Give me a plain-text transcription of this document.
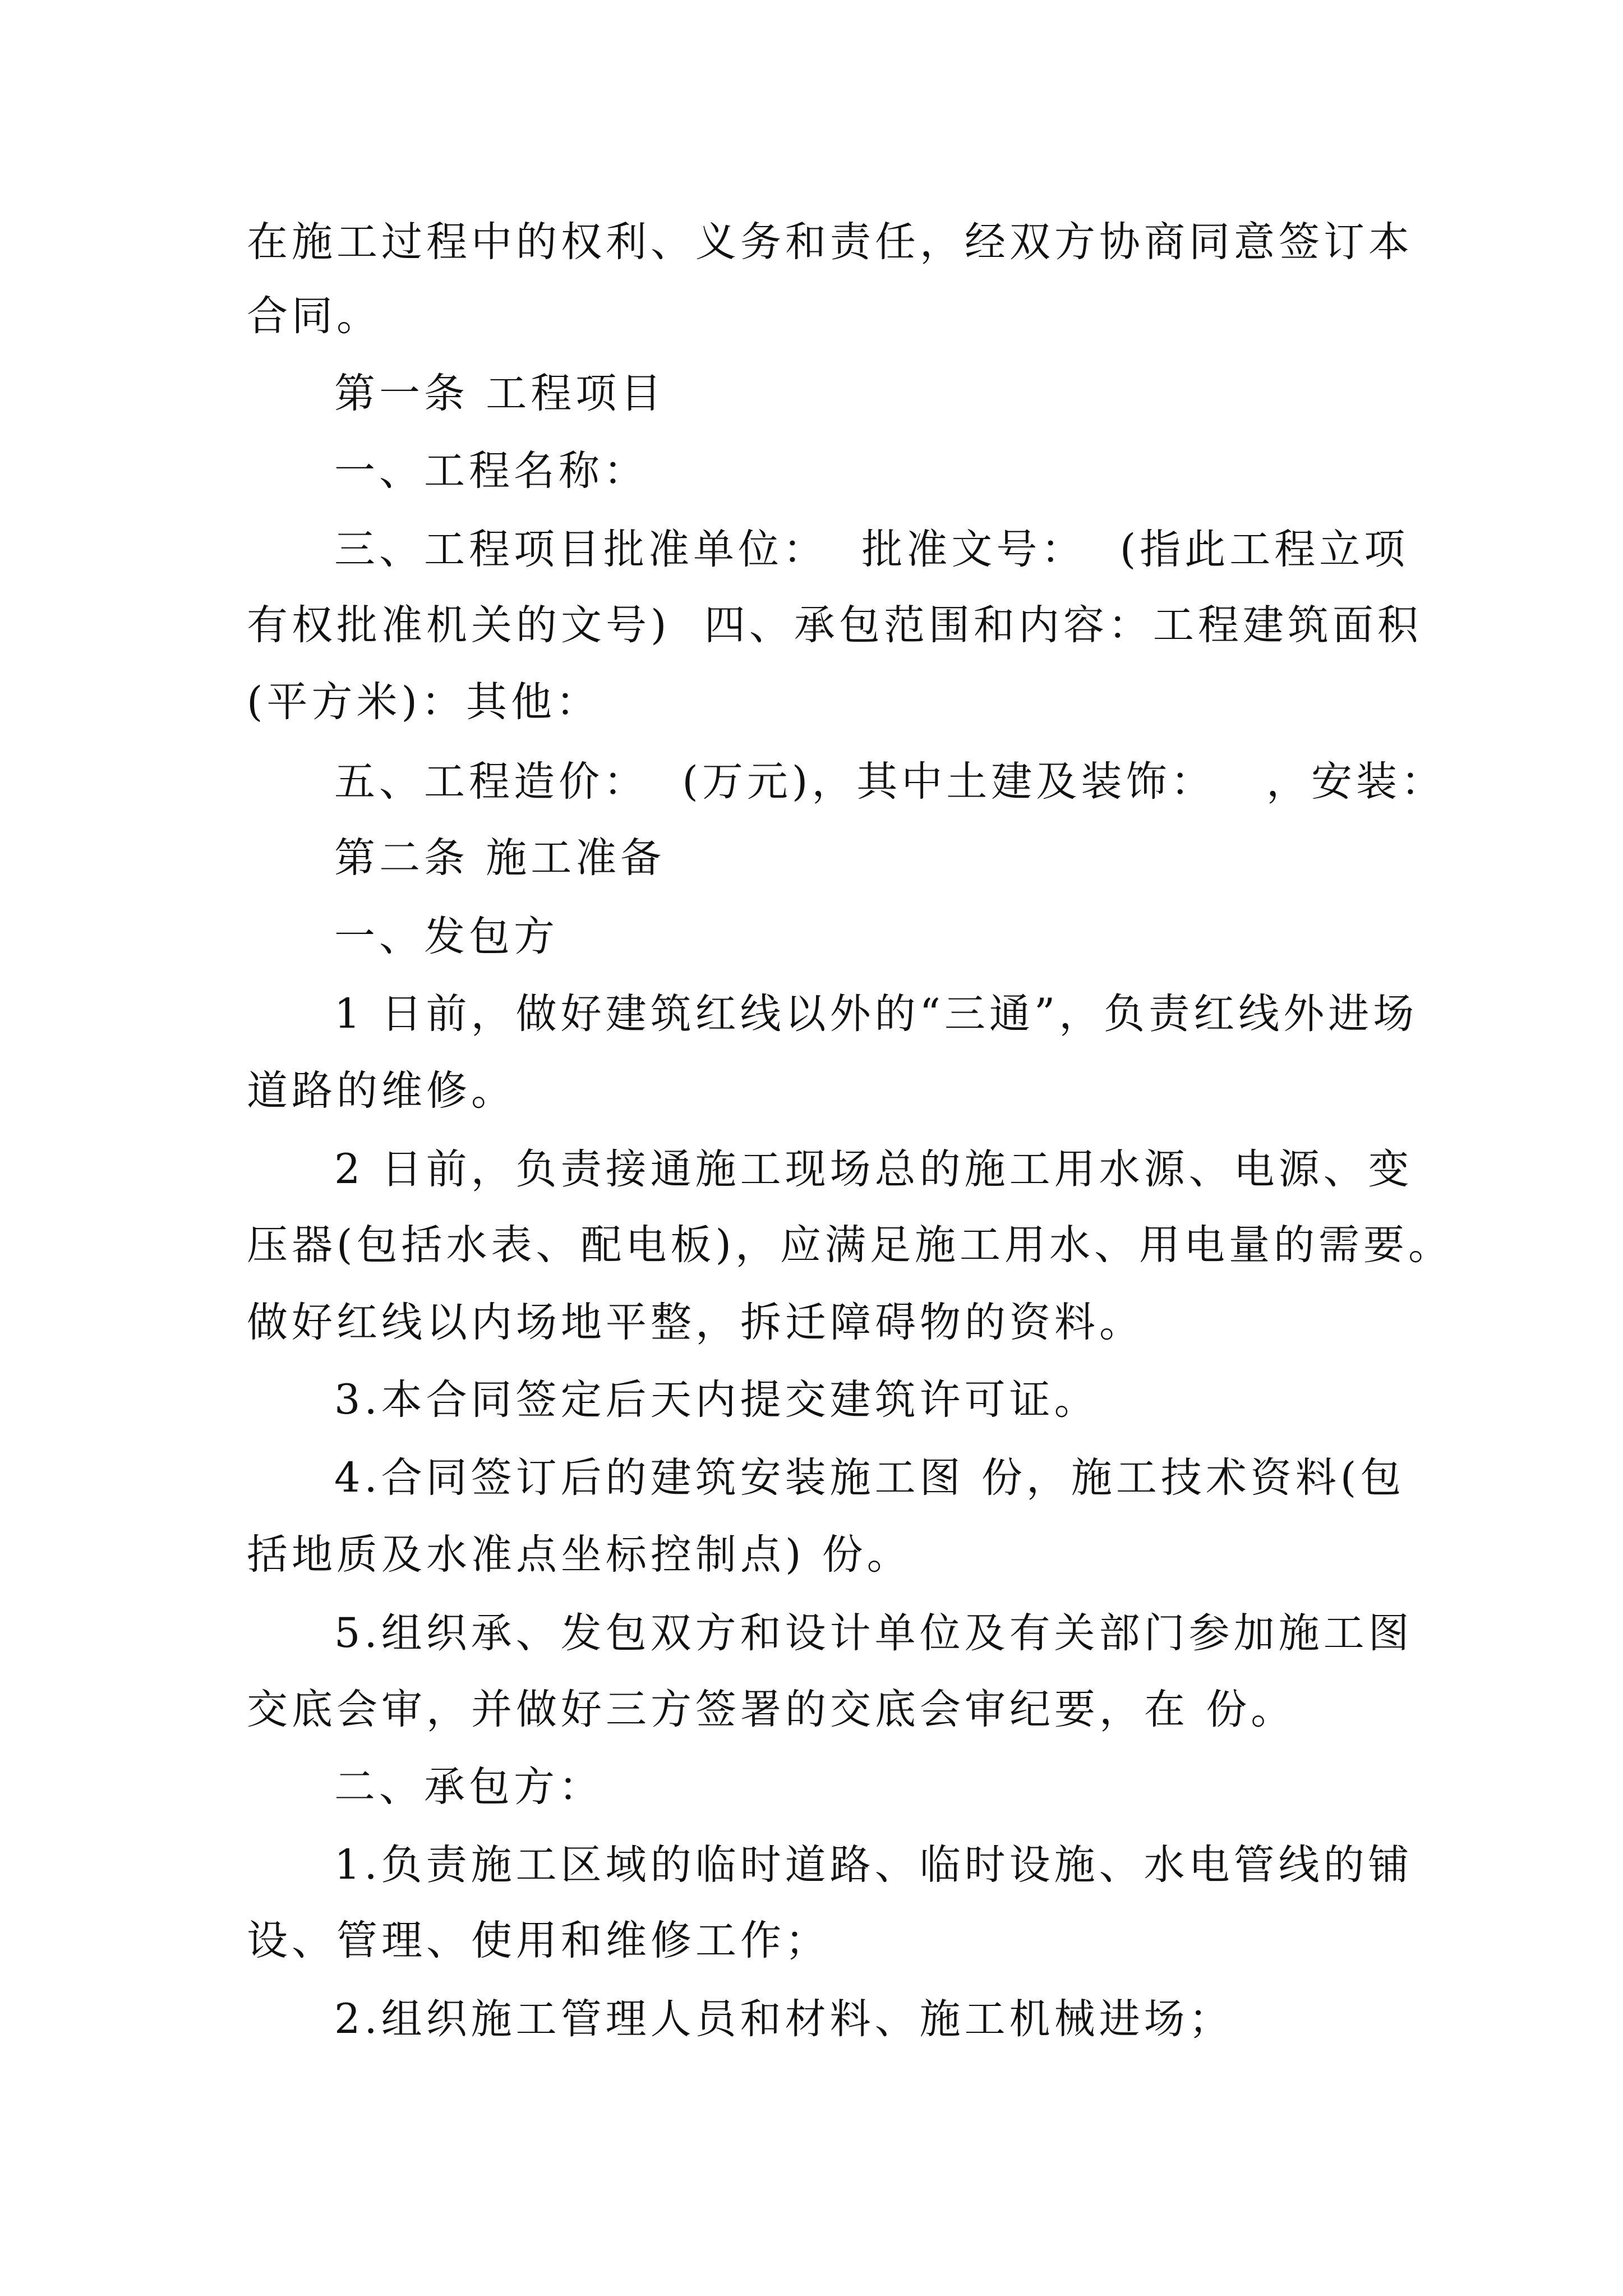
在施工过程中的权利、义务和责任，经双方协商同意签订本
合同。
第一条 工程项目
一、工程名称：
三、工程项目批准单位：  批准文号：  (指此工程立项
有权批准机关的文号)  四、承包范围和内容：工程建筑面积
(平方米)：其他：
五、工程造价：  (万元)，其中土建及装饰：   ，安装：
第二条 施工准备
一、发包方
1 日前，做好建筑红线以外的“三通”，负责红线外进场
道路的维修。
2 日前，负责接通施工现场总的施工用水源、电源、变
压器(包括水表、配电板)，应满足施工用水、用电量的需要。
做好红线以内场地平整，拆迁障碍物的资料。
3.本合同签定后天内提交建筑许可证。
4.合同签订后的建筑安装施工图 份，施工技术资料(包
括地质及水准点坐标控制点) 份。
5.组织承、发包双方和设计单位及有关部门参加施工图
交底会审，并做好三方签署的交底会审纪要，在 份。
二、承包方：
1.负责施工区域的临时道路、临时设施、水电管线的铺
设、管理、使用和维修工作；
2.组织施工管理人员和材料、施工机械进场；
